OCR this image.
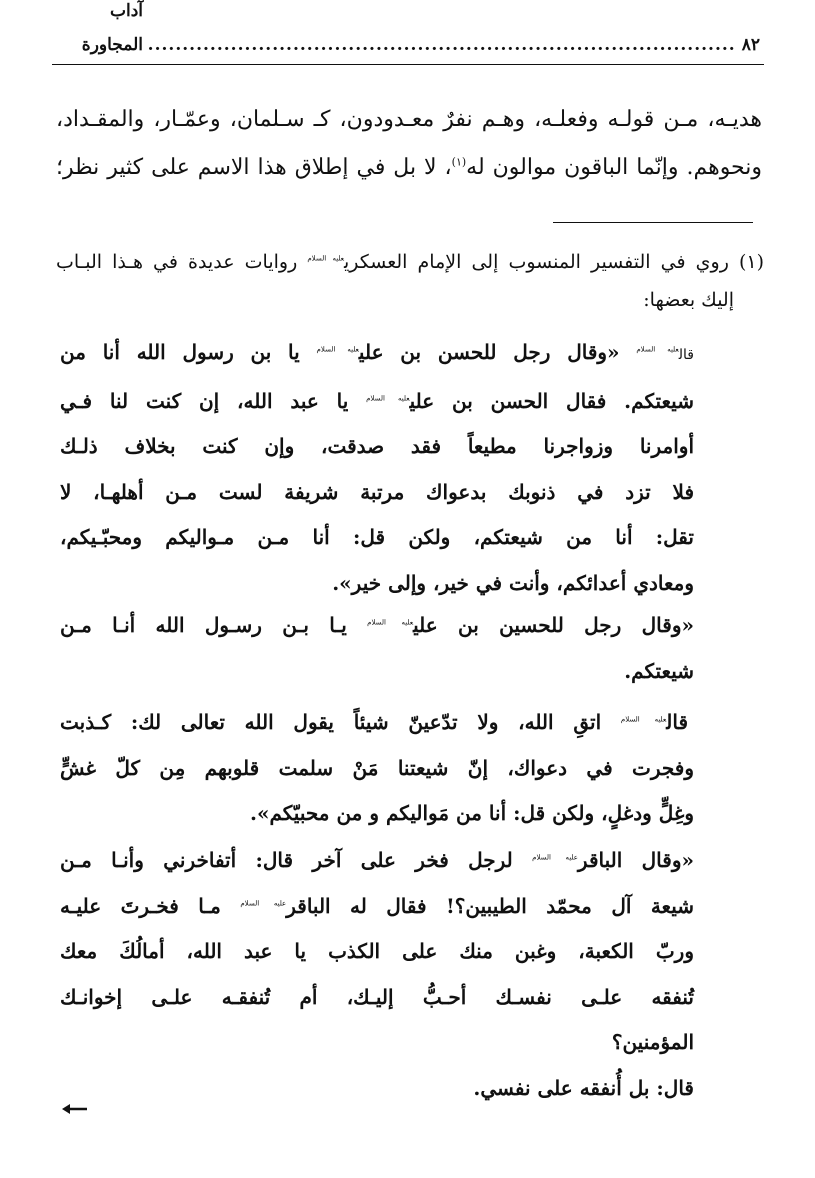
٨٢
.....
آداب المجاورة
هديـه، مـن قولـه وفعلـه، وهـم نفرٌ معـدودون، كـ سـلمان، وعمّـار، والمقـداد،
ونحوهم. وإنّما الباقون موالون له$^{(١)}$، لا بل في إطلاق هذا الاسم على كثير نظر؛
(١) روي في التفسير المنسوب إلى الإمام العسكري$^{عليه السلام}$ روايات عديدة في هـذا البـاب
إليك بعضها:
قال$^{عليه السلام}$ «وقال رجل للحسن بن علي$^{عليه السلام}$ يا بن رسول الله أنا من
شيعتكم. فقال الحسن بن علي$^{عليه السلام}$ يا عبد الله، إن كنت لنا فـي
أوامرنا وزواجرنا مطيعاً فقد صدقت، وإن كنت بخلاف ذلـك
فلا تزد في ذنوبك بدعواك مرتبة شريفة لست مـن أهلهـا، لا
تقل: أنا من شيعتكم، ولكن قل: أنا مـن مـواليكم ومحبّـيكم،
ومعادي أعدائكم، وأنت في خير، وإلى خير».
«وقال رجل للحسين بن علي$^{عليه السلام}$ يـا بـن رسـول الله أنـا مـن
شيعتكم.
قال$^{عليه السلام}$ اتقِ الله، ولا تدّعينّ شيئاً يقول الله تعالى لك: كـذبت
وفجرت في دعواك، إنّ شيعتنا مَنْ سلمت قلوبهم مِن كلّ غشٍّ
وغِلٍّ ودغلٍ، ولكن قل: أنا من مَواليكم و من محبيّكم».
«وقال الباقر$^{عليه السلام}$ لرجل فخر على آخر قال: أتفاخرني وأنـا مـن
شيعة آل محمّد الطيبين؟! فقال له الباقر$^{عليه السلام}$ مـا فخـرتَ عليـه
وربّ الكعبة، وغبن منك على الكذب يا عبد الله، أمالُكَ معك
تُنفقه علـى نفسـك أحـبُّ إليـك، أم تُنفقـه علـى إخوانـك
المؤمنين؟
قال: بل أُنفقه على نفسي.
